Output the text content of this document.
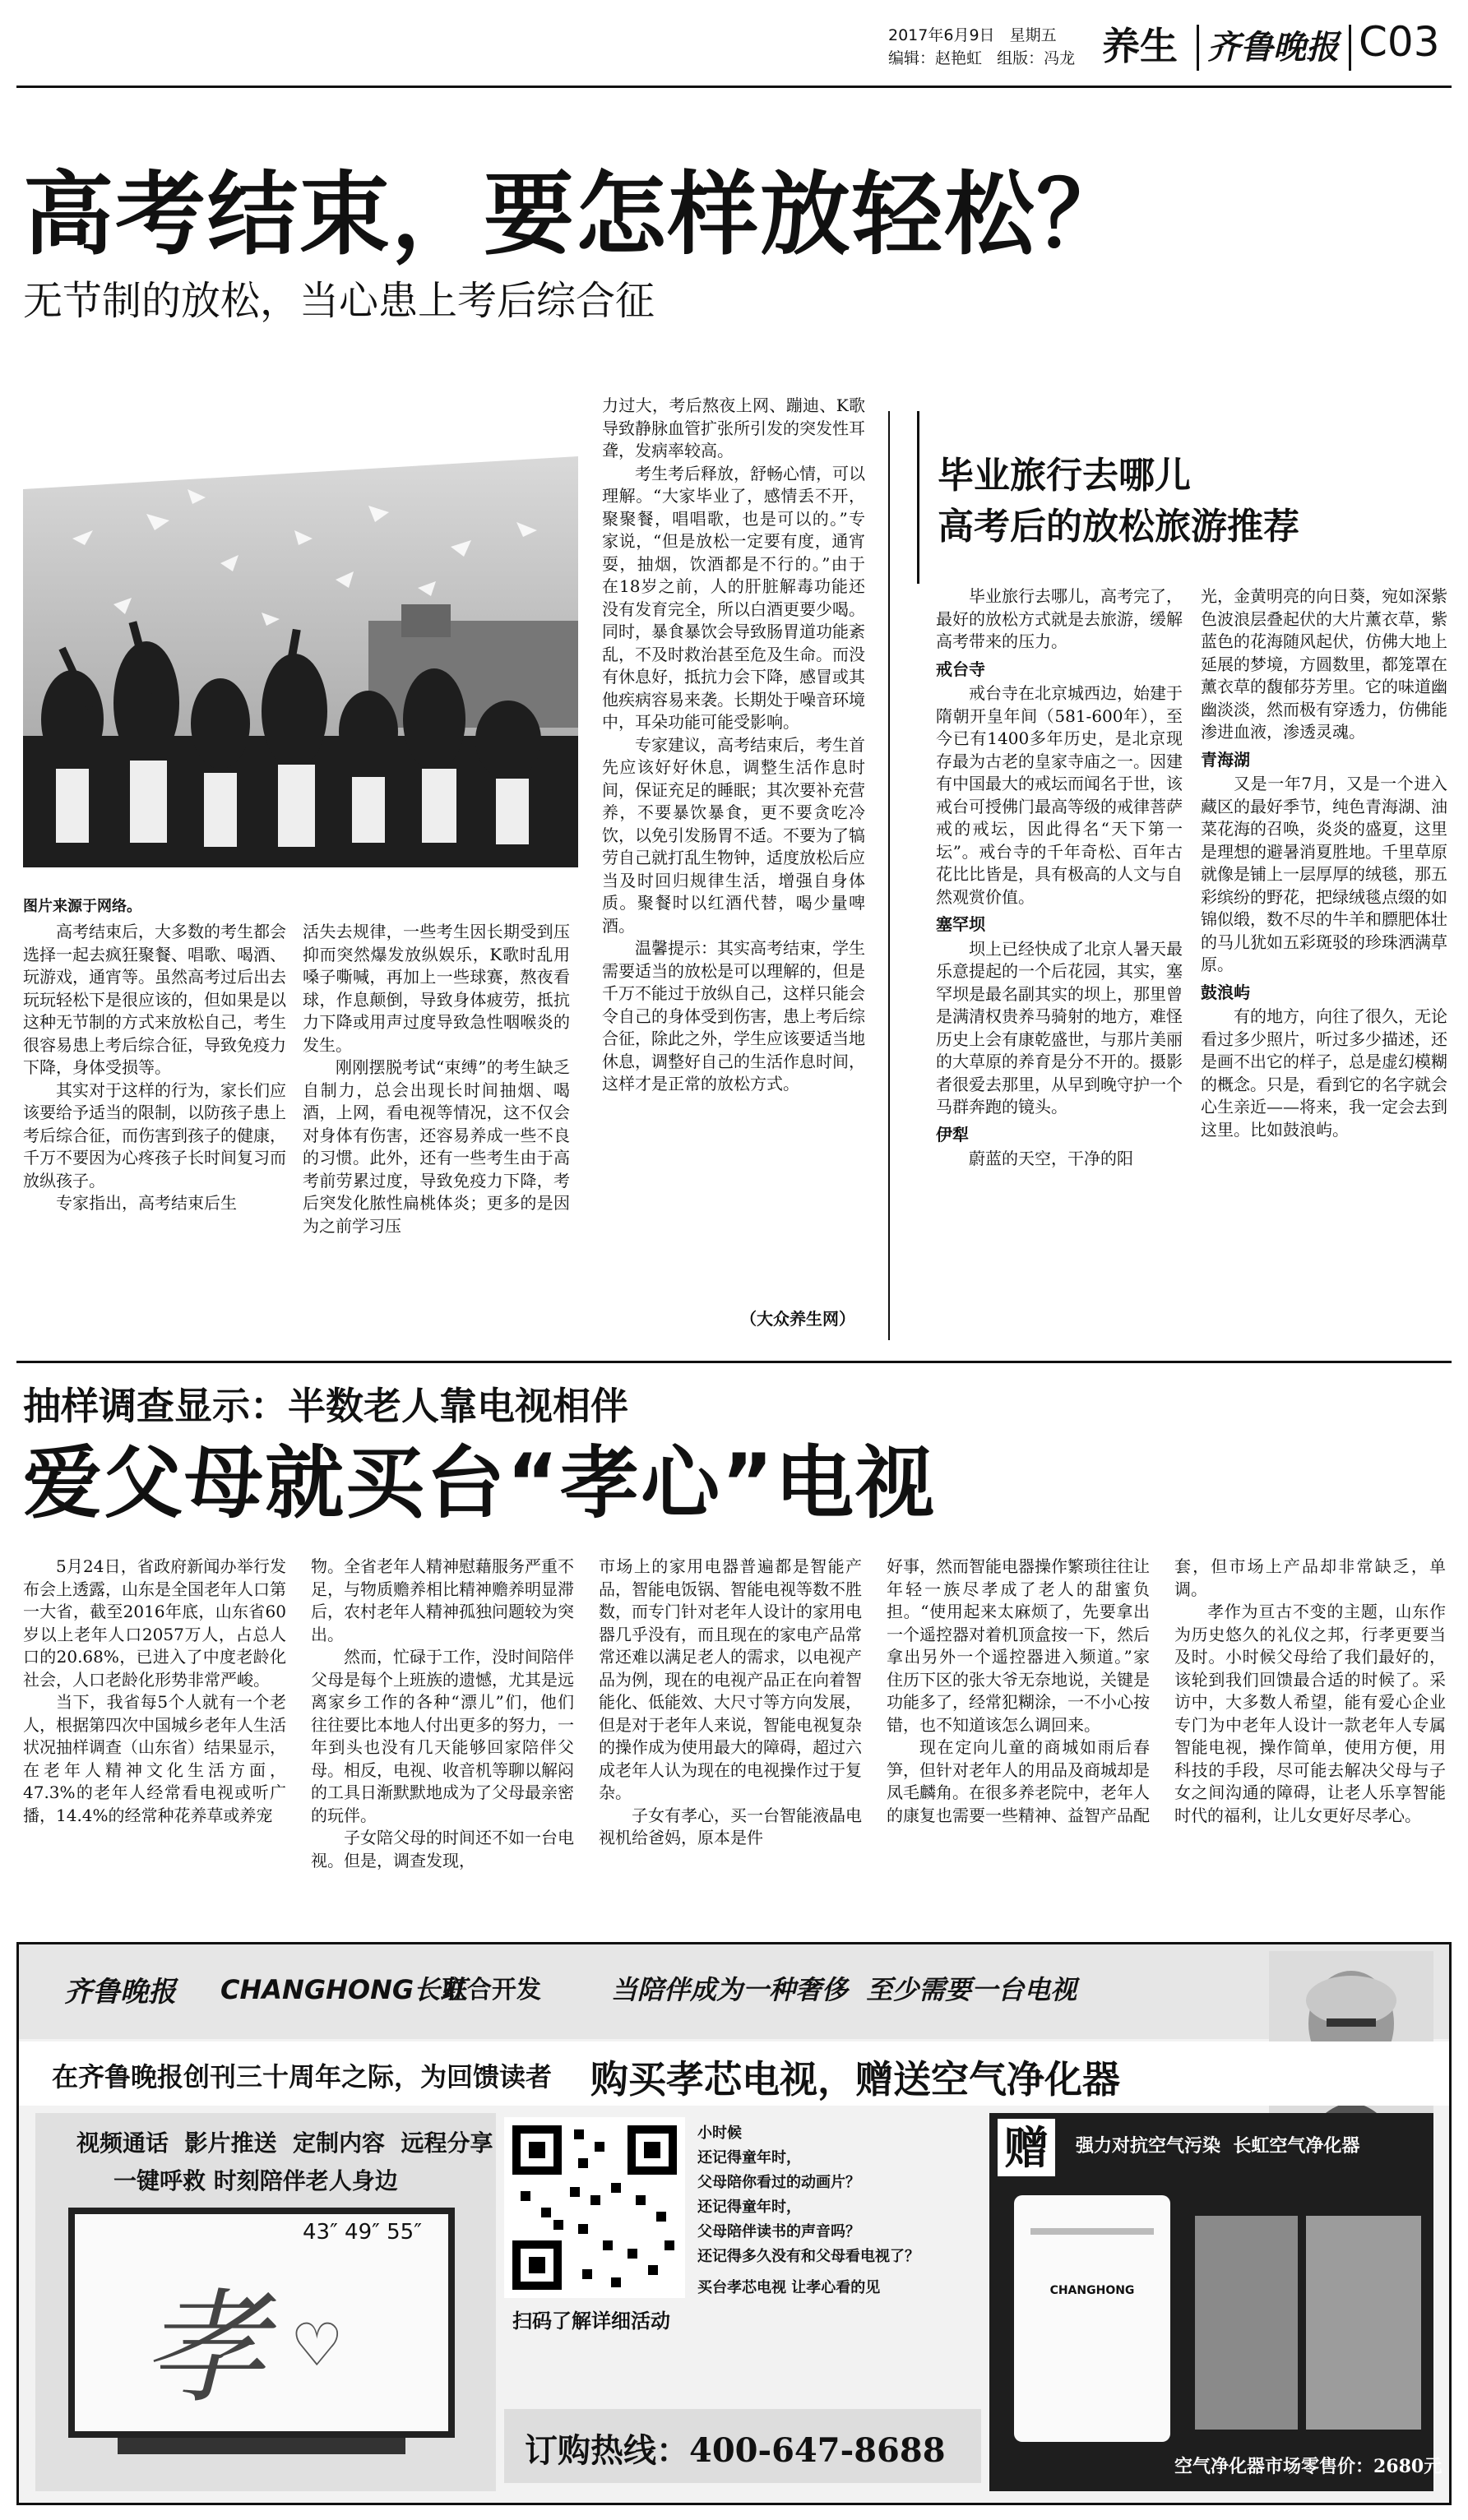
2017年6月9日 星期五
编辑：赵艳虹 组版：冯龙 养生 齐鲁晚报 C03
高考结束，要怎样放轻松？
无节制的放松，当心患上考后综合征
图片来源于网络。

高考结束后，大多数的考生都会选择一起去疯狂聚餐、唱歌、喝酒、玩游戏，通宵等。虽然高考过后出去玩玩轻松下是很应该的，但如果是以这种无节制的方式来放松自己，考生很容易患上考后综合征，导致免疫力下降，身体受损等。

其实对于这样的行为，家长们应该要给予适当的限制，以防孩子患上考后综合征，而伤害到孩子的健康，千万不要因为心疼孩子长时间复习而放纵孩子。

专家指出，高考结束后生

活失去规律，一些考生因长期受到压抑而突然爆发放纵娱乐，K歌时乱用嗓子嘶喊，再加上一些球赛，熬夜看球，作息颠倒，导致身体疲劳，抵抗力下降或用声过度导致急性咽喉炎的发生。

刚刚摆脱考试“束缚”的考生缺乏自制力，总会出现长时间抽烟、喝酒，上网，看电视等情况，这不仅会对身体有伤害，还容易养成一些不良的习惯。此外，还有一些考生由于高考前劳累过度，导致免疫力下降，考后突发化脓性扁桃体炎；更多的是因为之前学习压

力过大，考后熬夜上网、蹦迪、K歌导致静脉血管扩张所引发的突发性耳聋，发病率较高。

考生考后释放，舒畅心情，可以理解。“大家毕业了，感情丢不开，聚聚餐，唱唱歌，也是可以的。”专家说，“但是放松一定要有度，通宵耍，抽烟，饮酒都是不行的。”由于在18岁之前，人的肝脏解毒功能还没有发育完全，所以白酒更要少喝。同时，暴食暴饮会导致肠胃道功能紊乱，不及时救治甚至危及生命。而没有休息好，抵抗力会下降，感冒或其他疾病容易来袭。长期处于噪音环境中，耳朵功能可能受影响。

专家建议，高考结束后，考生首先应该好好休息，调整生活作息时间，保证充足的睡眠；其次要补充营养，不要暴饮暴食，更不要贪吃冷饮，以免引发肠胃不适。不要为了犒劳自己就打乱生物钟，适度放松后应当及时回归规律生活，增强自身体质。聚餐时以红酒代替，喝少量啤酒。

温馨提示：其实高考结束，学生需要适当的放松是可以理解的，但是千万不能过于放纵自己，这样只能会令自己的身体受到伤害，患上考后综合征，除此之外，学生应该要适当地休息，调整好自己的生活作息时间，这样才是正常的放松方式。

（大众养生网）
毕业旅行去哪儿
高考后的放松旅游推荐

毕业旅行去哪儿，高考完了，最好的放松方式就是去旅游，缓解高考带来的压力。

戒台寺

戒台寺在北京城西边，始建于隋朝开皇年间（581-600年），至今已有1400多年历史，是北京现存最为古老的皇家寺庙之一。因建有中国最大的戒坛而闻名于世，该戒台可授佛门最高等级的戒律菩萨戒的戒坛，因此得名“天下第一坛”。戒台寺的千年奇松、百年古花比比皆是，具有极高的人文与自然观赏价值。

塞罕坝

坝上已经快成了北京人暑天最乐意提起的一个后花园，其实，塞罕坝是最名副其实的坝上，那里曾是满清权贵养马骑射的地方，难怪历史上会有康乾盛世，与那片美丽的大草原的养育是分不开的。摄影者很爱去那里，从早到晚守护一个马群奔跑的镜头。

伊犁

蔚蓝的天空，干净的阳

光，金黄明亮的向日葵，宛如深紫色波浪层叠起伏的大片薰衣草，紫蓝色的花海随风起伏，仿佛大地上延展的梦境，方圆数里，都笼罩在薰衣草的馥郁芬芳里。它的味道幽幽淡淡，然而极有穿透力，仿佛能渗进血液，渗透灵魂。

青海湖

又是一年7月，又是一个进入藏区的最好季节，纯色青海湖、油菜花海的召唤，炎炎的盛夏，这里是理想的避暑消夏胜地。千里草原就像是铺上一层厚厚的绒毯，那五彩缤纷的野花，把绿绒毯点缀的如锦似缎，数不尽的牛羊和膘肥体壮的马儿犹如五彩斑驳的珍珠洒满草原。

鼓浪屿

有的地方，向往了很久，无论看过多少照片，听过多少描述，还是画不出它的样子，总是虚幻模糊的概念。只是，看到它的名字就会心生亲近——将来，我一定会去到这里。比如鼓浪屿。

抽样调查显示：半数老人靠电视相伴
爱父母就买台“孝心”电视

5月24日，省政府新闻办举行发布会上透露，山东是全国老年人口第一大省，截至2016年底，山东省60岁以上老年人口2057万人，占总人口的20.68%，已进入了中度老龄化社会，人口老龄化形势非常严峻。

当下，我省每5个人就有一个老人，根据第四次中国城乡老年人生活状况抽样调查（山东省）结果显示，在老年人精神文化生活方面，47.3%的老年人经常看电视或听广播，14.4%的经常种花养草或养宠

物。全省老年人精神慰藉服务严重不足，与物质赡养相比精神赡养明显滞后，农村老年人精神孤独问题较为突出。

然而，忙碌于工作，没时间陪伴父母是每个上班族的遗憾，尤其是远离家乡工作的各种“漂儿”们，他们往往要比本地人付出更多的努力，一年到头也没有几天能够回家陪伴父母。相反，电视、收音机等聊以解闷的工具日渐默默地成为了父母最亲密的玩伴。

子女陪父母的时间还不如一台电视。但是，调查发现，

市场上的家用电器普遍都是智能产品，智能电饭锅、智能电视等数不胜数，而专门针对老年人设计的家用电器几乎没有，而且现在的家电产品常常还难以满足老人的需求，以电视产品为例，现在的电视产品正在向着智能化、低能效、大尺寸等方向发展，但是对于老年人来说，智能电视复杂的操作成为使用最大的障碍，超过六成老年人认为现在的电视操作过于复杂。

子女有孝心，买一台智能液晶电视机给爸妈，原本是件

好事，然而智能电器操作繁琐往往让年轻一族尽孝成了老人的甜蜜负担。“使用起来太麻烦了，先要拿出一个遥控器对着机顶盒按一下，然后拿出另外一个遥控器进入频道。”家住历下区的张大爷无奈地说，关键是功能多了，经常犯糊涂，一不小心按错，也不知道该怎么调回来。

现在定向儿童的商城如雨后春笋，但针对老年人的用品及商城却是凤毛麟角。在很多养老院中，老年人的康复也需要一些精神、益智产品配

套，但市场上产品却非常缺乏，单调。

孝作为亘古不变的主题，山东作为历史悠久的礼仪之邦，行孝更要当及时。小时候父母给了我们最好的，该轮到我们回馈最合适的时候了。采访中，大多数人希望，能有爱心企业专门为中老年人设计一款老年人专属智能电视，操作简单，使用方便，用科技的手段，尽可能去解决父母与子女之间沟通的障碍，让老人乐享智能时代的福利，让儿女更好尽孝心。

齐鲁晚报 CHANGHONG长虹
联合开发	当陪伴成为一种奢侈  至少需要一台电视
在齐鲁晚报创刊三十周年之际，为回馈读者 购买孝芯电视，赠送空气净化器
视频通话  影片推送  定制内容  远程分享
一键呼救 时刻陪伴老人身边
43″ 49″ 55″
孝 ♡	扫码了解详细活动
小时候
还记得童年时，
父母陪你看过的动画片？
还记得童年时，
父母陪伴读书的声音吗？
还记得多久没有和父母看电视了？
买台孝芯电视 让孝心看的见
订购热线：400-647-8688
赠	强力对抗空气污染  长虹空气净化器
CHANGHONG
空气净化器市场零售价：2680元
